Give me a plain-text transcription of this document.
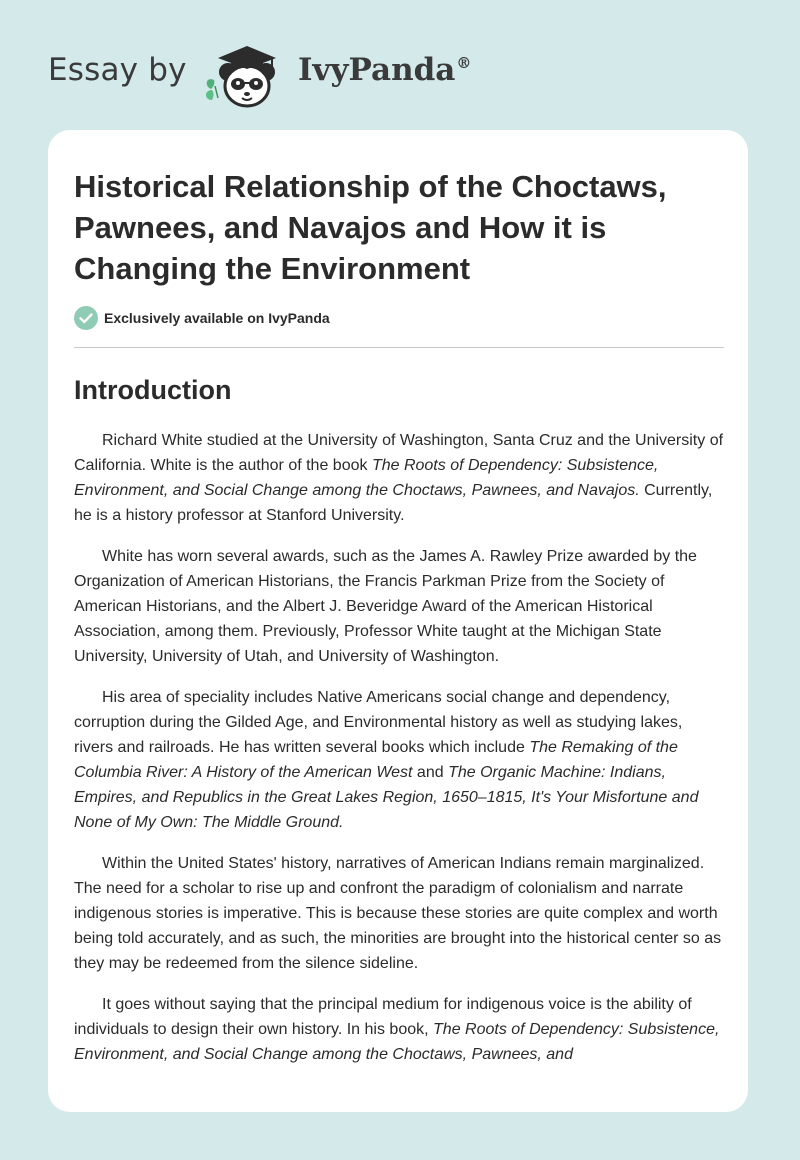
Essay by	IvyPanda®
Historical Relationship of the Choctaws, Pawnees, and Navajos and How it is Changing the Environment
Exclusively available on IvyPanda
Introduction

Richard White studied at the University of Washington, Santa Cruz and the University of California. White is the author of the book The Roots of Dependency: Subsistence, Environment, and Social Change among the Choctaws, Pawnees, and Navajos. Currently, he is a history professor at Stanford University.

White has worn several awards, such as the James A. Rawley Prize awarded by the Organization of American Historians, the Francis Parkman Prize from the Society of American Historians, and the Albert J. Beveridge Award of the American Historical Association, among them. Previously, Professor White taught at the Michigan State University, University of Utah, and University of Washington.

His area of speciality includes Native Americans social change and dependency, corruption during the Gilded Age, and Environmental history as well as studying lakes, rivers and railroads. He has written several books which include The Remaking of the Columbia River: A History of the American West and The Organic Machine: Indians, Empires, and Republics in the Great Lakes Region, 1650–1815, It's Your Misfortune and None of My Own: The Middle Ground.

Within the United States' history, narratives of American Indians remain marginalized. The need for a scholar to rise up and confront the paradigm of colonialism and narrate indigenous stories is imperative. This is because these stories are quite complex and worth being told accurately, and as such, the minorities are brought into the historical center so as they may be redeemed from the silence sideline.

It goes without saying that the principal medium for indigenous voice is the ability of individuals to design their own history. In his book, The Roots of Dependency: Subsistence, Environment, and Social Change among the Choctaws, Pawnees, and
